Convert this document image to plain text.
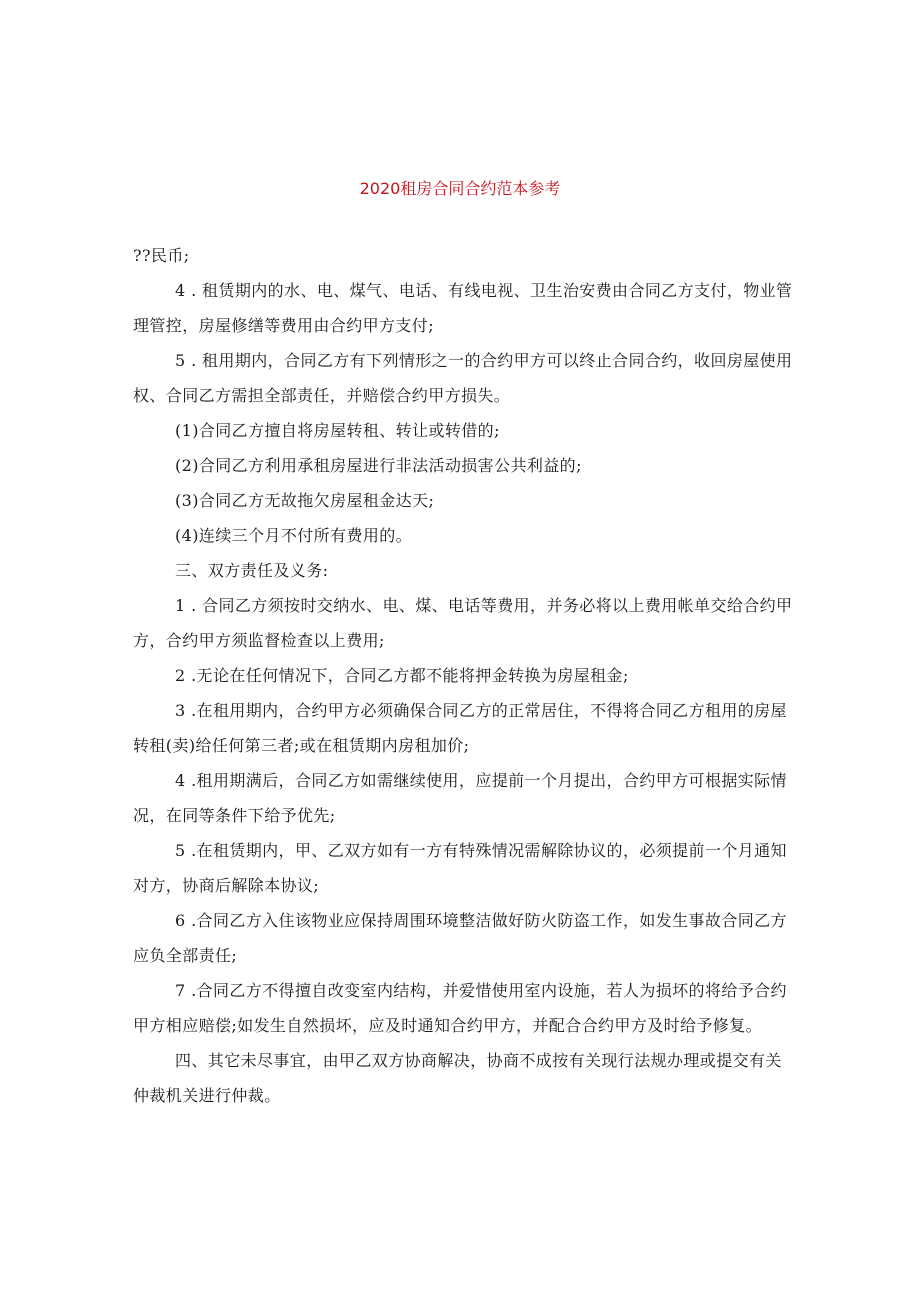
2020租房合同合约范本参考

??民币;

4 . 租赁期内的水、电、煤气、电话、有线电视、卫生治安费由合同乙方支付，物业管理管控，房屋修缮等费用由合约甲方支付;

5 . 租用期内，合同乙方有下列情形之一的合约甲方可以终止合同合约，收回房屋使用权、合同乙方需担全部责任，并赔偿合约甲方损失。

(1)合同乙方擅自将房屋转租、转让或转借的;

(2)合同乙方利用承租房屋进行非法活动损害公共利益的;

(3)合同乙方无故拖欠房屋租金达天;

(4)连续三个月不付所有费用的。

三、双方责任及义务:

1 . 合同乙方须按时交纳水、电、煤、电话等费用，并务必将以上费用帐单交给合约甲方，合约甲方须监督检查以上费用;

2 .无论在任何情况下，合同乙方都不能将押金转换为房屋租金;

3 .在租用期内，合约甲方必须确保合同乙方的正常居住，不得将合同乙方租用的房屋转租(卖)给任何第三者;或在租赁期内房租加价;

4 .租用期满后，合同乙方如需继续使用，应提前一个月提出，合约甲方可根据实际情况，在同等条件下给予优先;

5 .在租赁期内，甲、乙双方如有一方有特殊情况需解除协议的，必须提前一个月通知对方，协商后解除本协议;

6 .合同乙方入住该物业应保持周围环境整洁做好防火防盗工作，如发生事故合同乙方应负全部责任;

7 .合同乙方不得擅自改变室内结构，并爱惜使用室内设施，若人为损坏的将给予合约甲方相应赔偿;如发生自然损坏，应及时通知合约甲方，并配合合约甲方及时给予修复。

四、其它未尽事宜，由甲乙双方协商解决，协商不成按有关现行法规办理或提交有关仲裁机关进行仲裁。
